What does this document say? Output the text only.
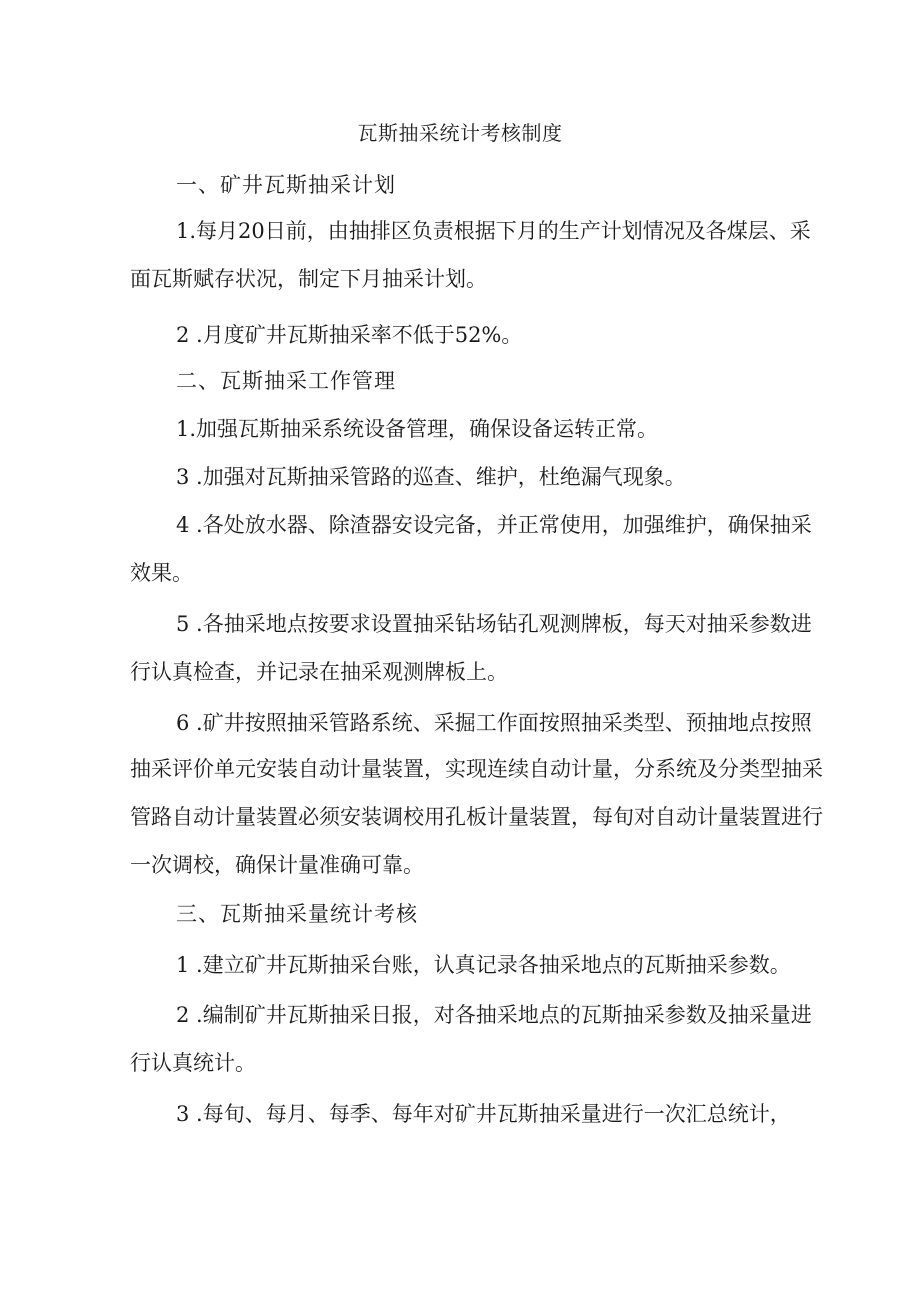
瓦斯抽采统计考核制度
一、矿井瓦斯抽采计划
1.每月20日前，由抽排区负责根据下月的生产计划情况及各煤层、采
面瓦斯赋存状况，制定下月抽采计划。
2 .月度矿井瓦斯抽采率不低于52%。
二、瓦斯抽采工作管理
1.加强瓦斯抽采系统设备管理，确保设备运转正常。
3 .加强对瓦斯抽采管路的巡查、维护，杜绝漏气现象。
4 .各处放水器、除渣器安设完备，并正常使用，加强维护，确保抽采
效果。
5 .各抽采地点按要求设置抽采钻场钻孔观测牌板，每天对抽采参数进
行认真检查，并记录在抽采观测牌板上。
6 .矿井按照抽采管路系统、采掘工作面按照抽采类型、预抽地点按照
抽采评价单元安装自动计量装置，实现连续自动计量，分系统及分类型抽采
管路自动计量装置必须安装调校用孔板计量装置，每旬对自动计量装置进行
一次调校，确保计量准确可靠。
三、瓦斯抽采量统计考核
1 .建立矿井瓦斯抽采台账，认真记录各抽采地点的瓦斯抽采参数。
2 .编制矿井瓦斯抽采日报，对各抽采地点的瓦斯抽采参数及抽采量进
行认真统计。
3 .每旬、每月、每季、每年对矿井瓦斯抽采量进行一次汇总统计，
